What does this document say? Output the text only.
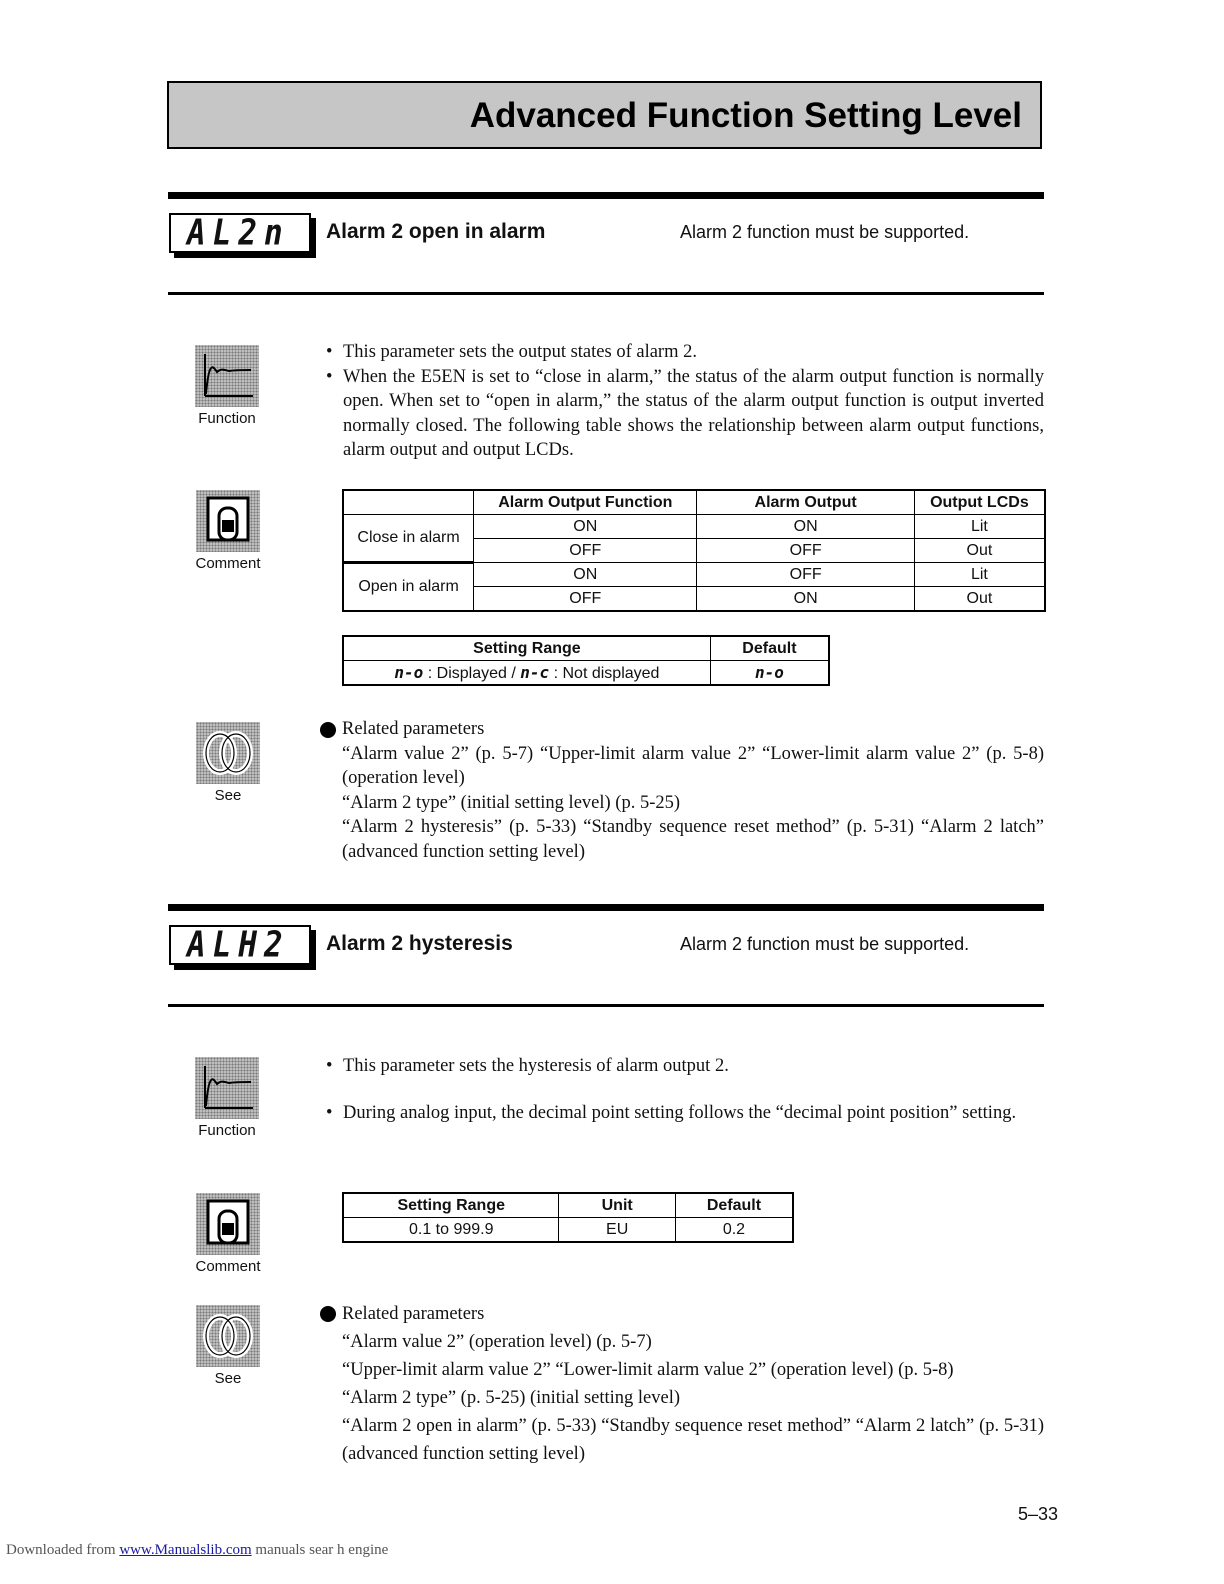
Advanced Function Setting Level
AL2n Alarm 2 open in alarm	Alarm 2 function must be supported.
Function
• This parameter sets the output states of alarm 2.
• When the E5EN is set to “close in alarm,” the status of the alarm output function is normally open. When set to “open in alarm,” the status of the alarm output function is output inverted normally closed. The following table shows the relationship between alarm output functions, alarm output and output LCDs.
Comment
	Alarm Output Function	Alarm Output	Output LCDs
Close in alarm	ON	ON	Lit
	OFF	OFF	Out
Open in alarm	ON	OFF	Lit
	OFF	ON	Out
Setting Range	Default
n-o : Displayed / n-c : Not displayed	n-o
See
Related parameters
“Alarm value 2” (p. 5-7) “Upper-limit alarm value 2” “Lower-limit alarm value 2” (p. 5-8) (operation level)
“Alarm 2 type” (initial setting level) (p. 5-25)
“Alarm 2 hysteresis” (p. 5-33) “Standby sequence reset method” (p. 5-31) “Alarm 2 latch” (advanced function setting level)
ALH2 Alarm 2 hysteresis	Alarm 2 function must be supported.
Function
• This parameter sets the hysteresis of alarm output 2.
• During analog input, the decimal point setting follows the “decimal point position” setting.
Comment
Setting Range	Unit	Default
0.1 to 999.9	EU	0.2
See
Related parameters
“Alarm value 2” (operation level) (p. 5-7)
“Upper-limit alarm value 2” “Lower-limit alarm value 2” (operation level) (p. 5-8)
“Alarm 2 type” (p. 5-25) (initial setting level)
“Alarm 2 open in alarm” (p. 5-33) “Standby sequence reset method” “Alarm 2 latch” (p. 5-31) (advanced function setting level)
5–33
Downloaded from www.Manualslib.com manuals sear h engine
